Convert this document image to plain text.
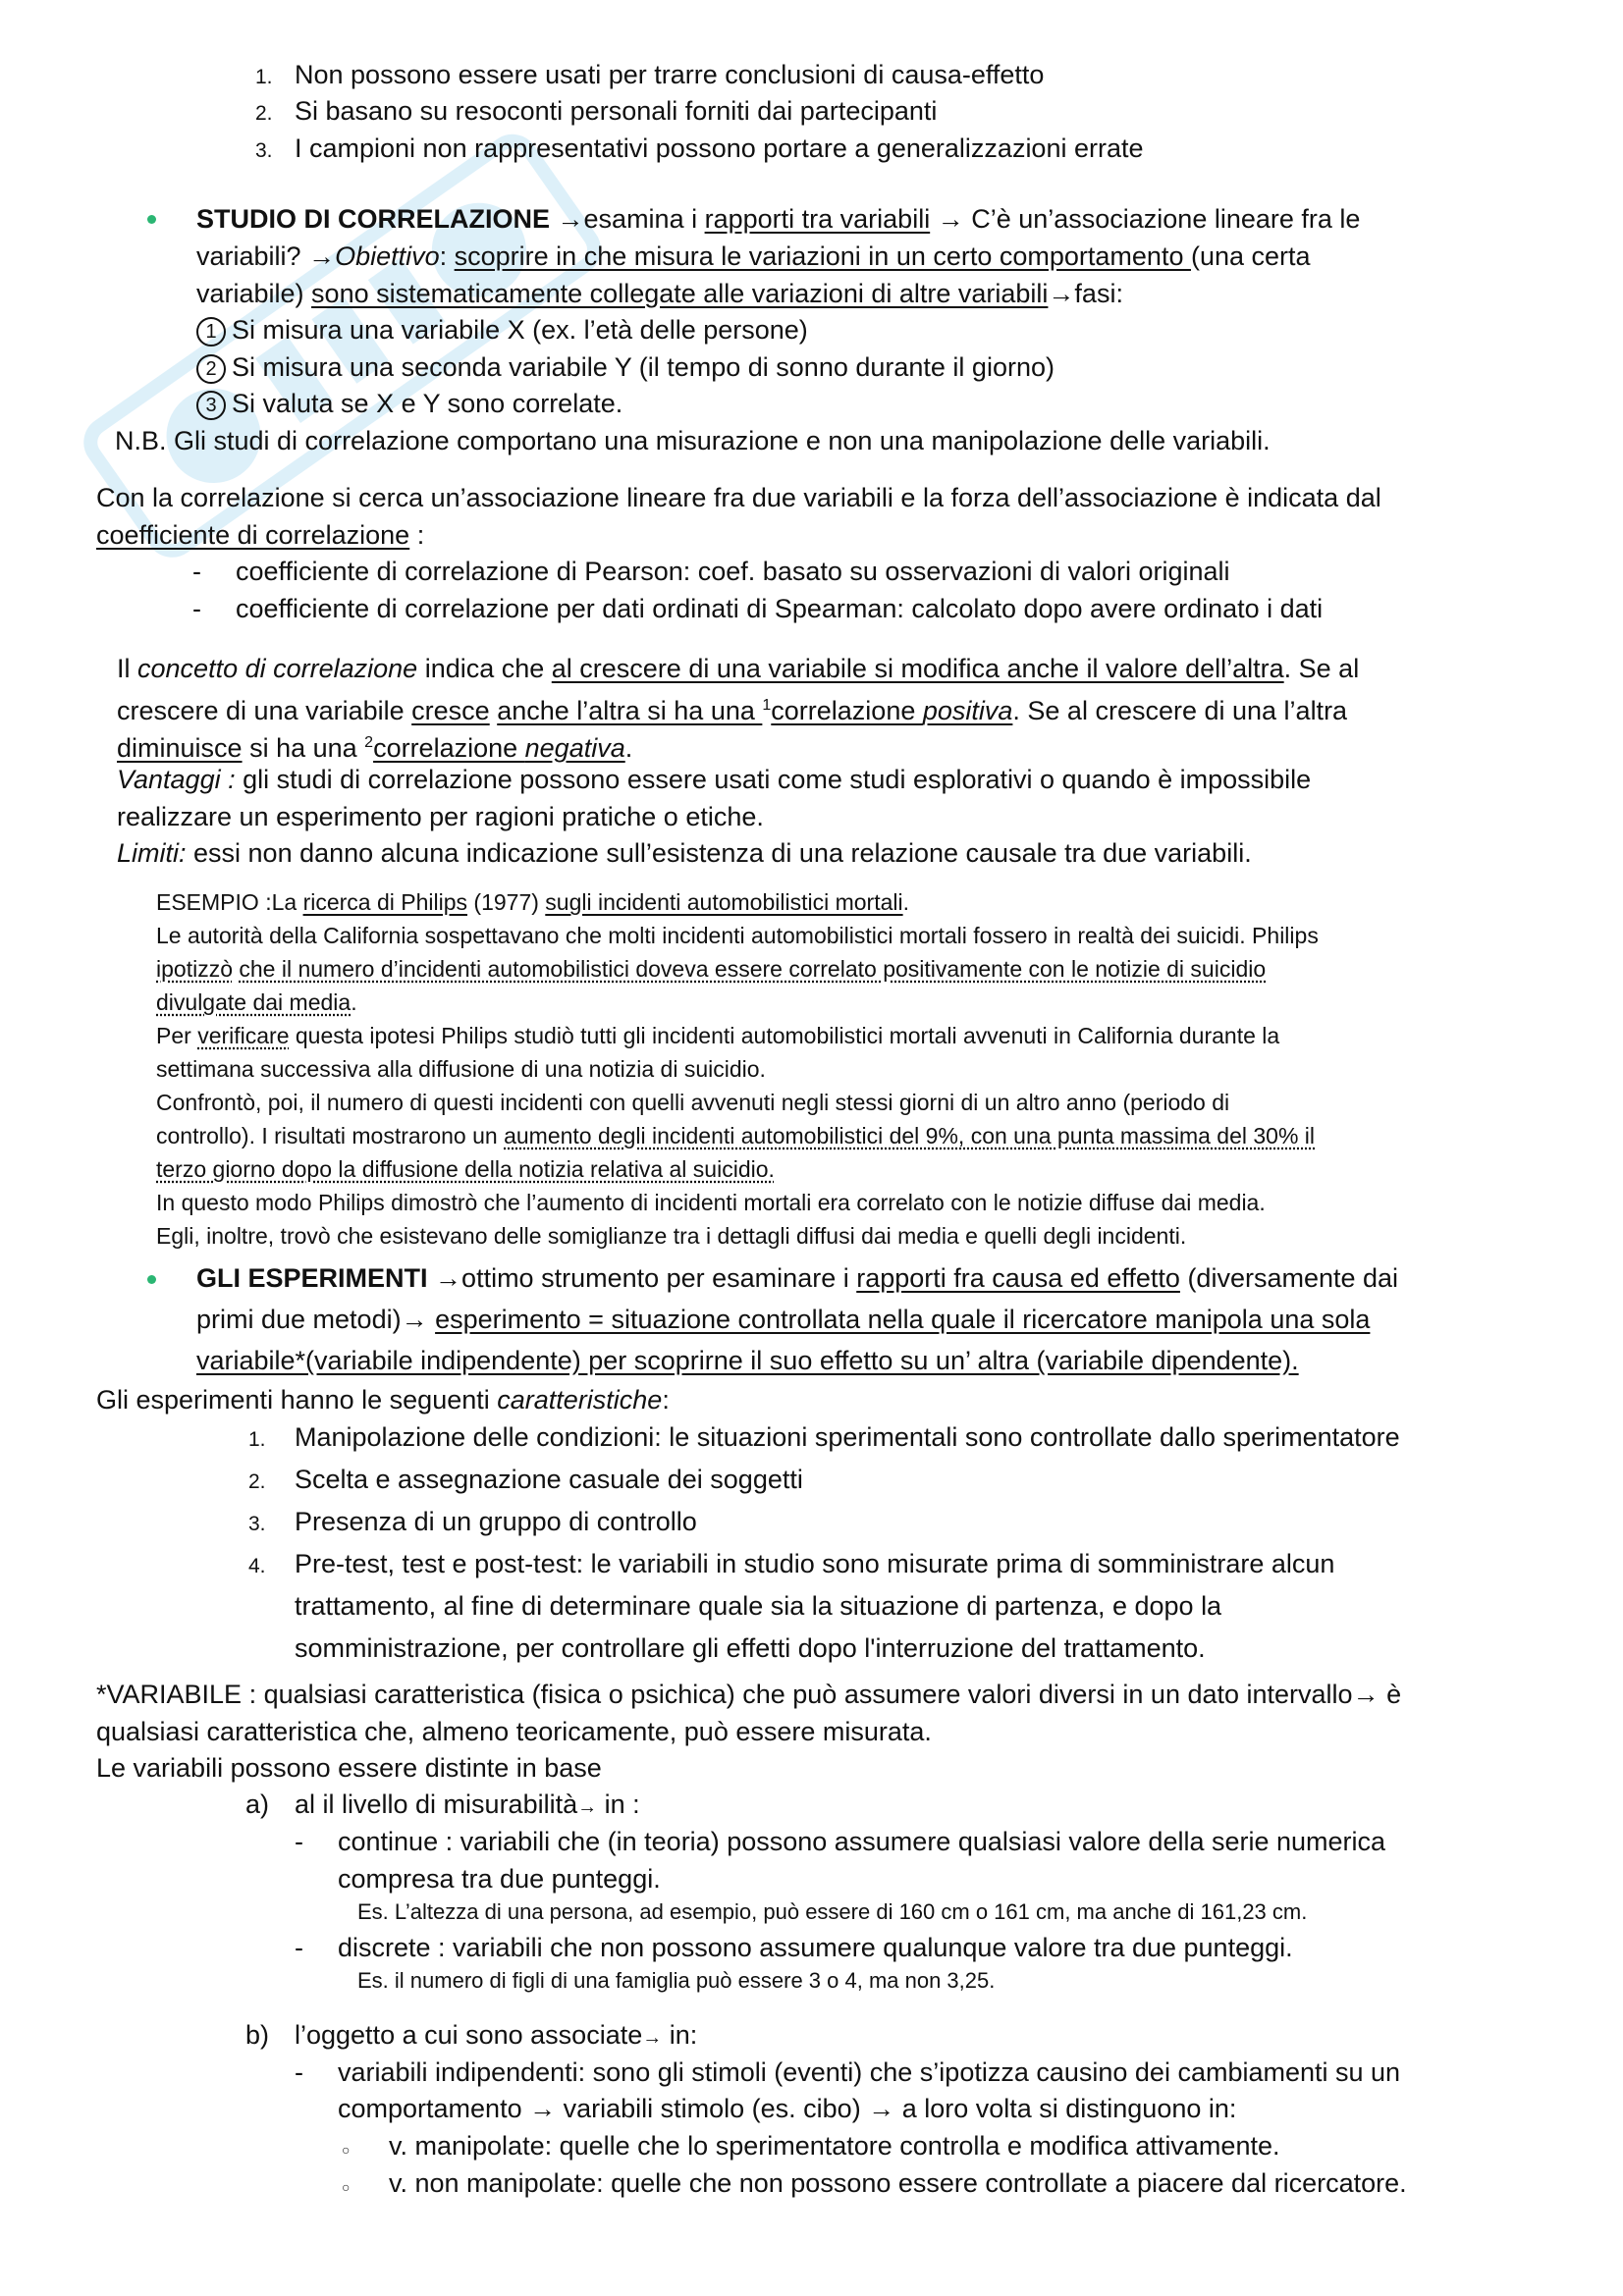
1. Non possono essere usati per trarre conclusioni di causa-effetto
2. Si basano su resoconti personali forniti dai partecipanti
3. I campioni non rappresentativi possono portare a generalizzazioni errate
STUDIO DI CORRELAZIONE →esamina i rapporti tra variabili → C’è un’associazione lineare fra le
variabili? →Obiettivo: scoprire in che misura le variazioni in un certo comportamento (una certa
variabile) sono sistematicamente collegate alle variazioni di altre variabili→fasi:
1 Si misura una variabile X (ex. l’età delle persone)
2 Si misura una seconda variabile Y (il tempo di sonno durante il giorno)
3 Si valuta se X e Y sono correlate.
N.B. Gli studi di correlazione comportano una misurazione e non una manipolazione delle variabili.
Con la correlazione si cerca un’associazione lineare fra due variabili e la forza dell’associazione è indicata dal
coefficiente di correlazione :
- coefficiente di correlazione di Pearson: coef. basato su osservazioni di valori originali
- coefficiente di correlazione per dati ordinati di Spearman: calcolato dopo avere ordinato i dati
Il concetto di correlazione indica che al crescere di una variabile si modifica anche il valore dell’altra. Se al
crescere di una variabile cresce anche l’altra si ha una $^1$correlazione positiva. Se al crescere di una l’altra
diminuisce si ha una $^2$correlazione negativa.
Vantaggi : gli studi di correlazione possono essere usati come studi esplorativi o quando è impossibile
realizzare un esperimento per ragioni pratiche o etiche.
Limiti: essi non danno alcuna indicazione sull’esistenza di una relazione causale tra due variabili.
ESEMPIO :La ricerca di Philips (1977) sugli incidenti automobilistici mortali.
Le autorità della California sospettavano che molti incidenti automobilistici mortali fossero in realtà dei suicidi. Philips
ipotizzò che il numero d’incidenti automobilistici doveva essere correlato positivamente con le notizie di suicidio
divulgate dai media.
Per verificare questa ipotesi Philips studiò tutti gli incidenti automobilistici mortali avvenuti in California durante la
settimana successiva alla diffusione di una notizia di suicidio.
Confrontò, poi, il numero di questi incidenti con quelli avvenuti negli stessi giorni di un altro anno (periodo di
controllo). I risultati mostrarono un aumento degli incidenti automobilistici del 9%, con una punta massima del 30% il
terzo giorno dopo la diffusione della notizia relativa al suicidio.
In questo modo Philips dimostrò che l’aumento di incidenti mortali era correlato con le notizie diffuse dai media.
Egli, inoltre, trovò che esistevano delle somiglianze tra i dettagli diffusi dai media e quelli degli incidenti.
GLI ESPERIMENTI →ottimo strumento per esaminare i rapporti fra causa ed effetto (diversamente dai
primi due metodi)→ esperimento = situazione controllata nella quale il ricercatore manipola una sola
variabile*(variabile indipendente) per scoprirne il suo effetto su un’ altra (variabile dipendente).
Gli esperimenti hanno le seguenti caratteristiche:
1. Manipolazione delle condizioni: le situazioni sperimentali sono controllate dallo sperimentatore
2. Scelta e assegnazione casuale dei soggetti
3. Presenza di un gruppo di controllo
4. Pre-test, test e post-test: le variabili in studio sono misurate prima di somministrare alcun
trattamento, al fine di determinare quale sia la situazione di partenza, e dopo la
somministrazione, per controllare gli effetti dopo l'interruzione del trattamento.
*VARIABILE : qualsiasi caratteristica (fisica o psichica) che può assumere valori diversi in un dato intervallo→ è
qualsiasi caratteristica che, almeno teoricamente, può essere misurata.
Le variabili possono essere distinte in base
a) al il livello di misurabilità→ in :
- continue : variabili che (in teoria) possono assumere qualsiasi valore della serie numerica
compresa tra due punteggi.
Es. L’altezza di una persona, ad esempio, può essere di 160 cm o 161 cm, ma anche di 161,23 cm.
- discrete : variabili che non possono assumere qualunque valore tra due punteggi.
Es. il numero di figli di una famiglia può essere 3 o 4, ma non 3,25.
b) l’oggetto a cui sono associate→ in:
- variabili indipendenti: sono gli stimoli (eventi) che s’ipotizza causino dei cambiamenti su un
comportamento → variabili stimolo (es. cibo) → a loro volta si distinguono in:
○ v. manipolate: quelle che lo sperimentatore controlla e modifica attivamente.
○ v. non manipolate: quelle che non possono essere controllate a piacere dal ricercatore.
